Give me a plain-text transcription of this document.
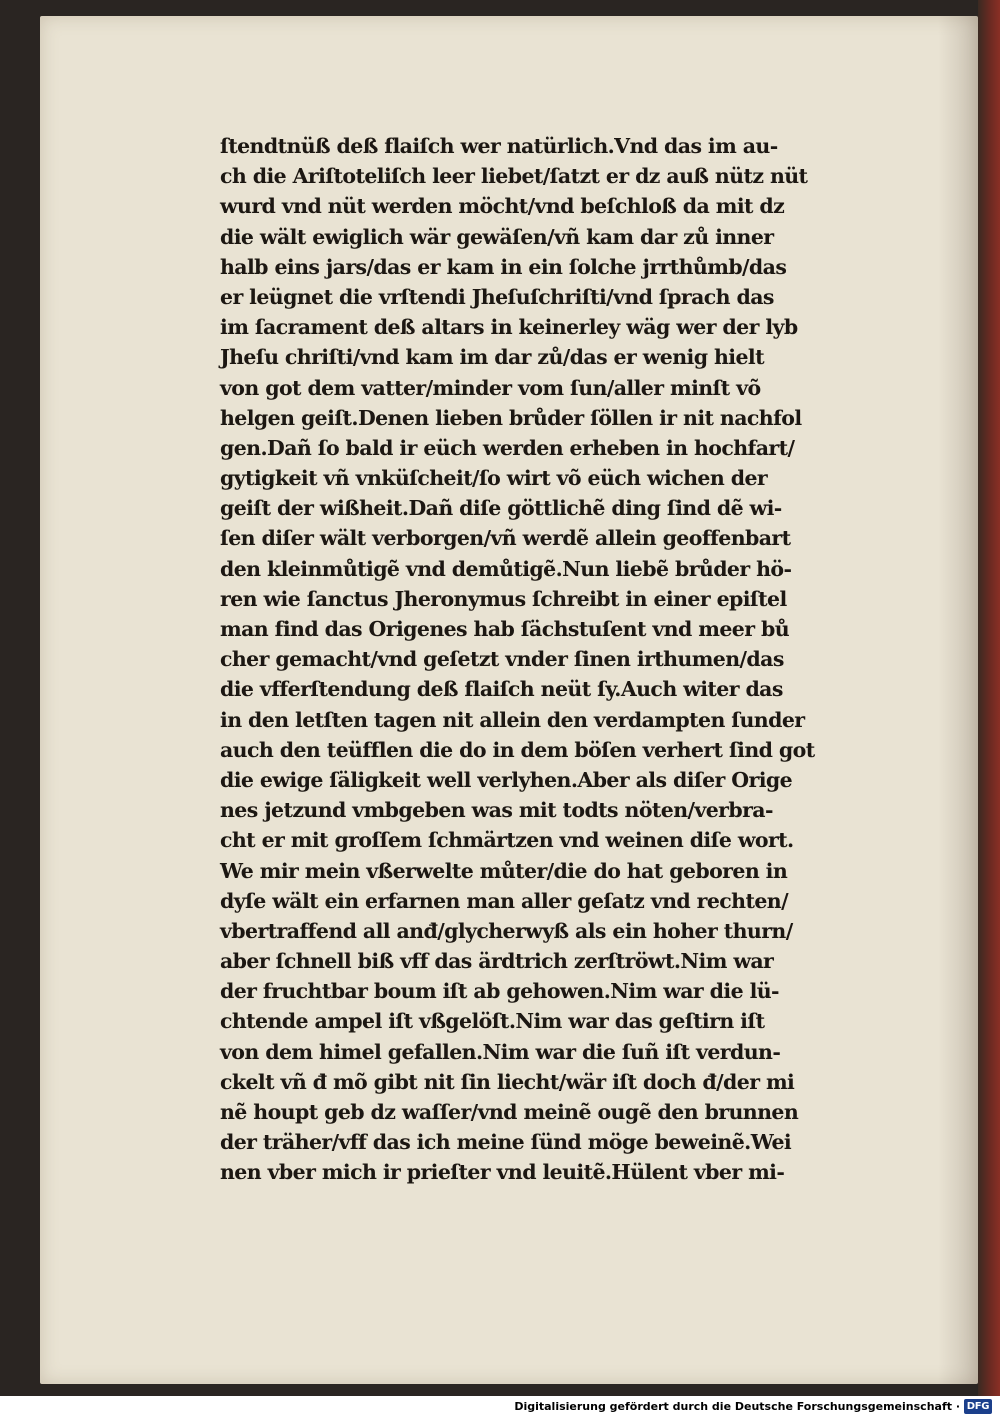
ſtendtnüß deß flaiſch wer natürlich.Vnd das im au-
ch die Ariſtoteliſch leer liebet/ſatzt er dz auß nütz nüt
wurd vnd nüt werden möcht/vnd beſchloß da mit dz
die wält ewiglich wär gewäſen/vñ kam dar zů inner
halb eins jars/das er kam in ein ſolche jrrthůmb/das
er leügnet die vrſtendi Jheſuſchriſti/vnd ſprach das
im ſacrament deß altars in keinerley wäg wer der lyb
Jheſu chriſti/vnd kam im dar zů/das er wenig hielt
von got dem vatter/minder vom ſun/aller minſt võ
helgen geiſt.Denen lieben brůder ſöllen ir nit nachfol
gen.Dañ ſo bald ir eüch werden erheben in hochfart/
gytigkeit vñ vnküſcheit/ſo wirt võ eüch wichen der
geiſt der wißheit.Dañ diſe göttlichẽ ding ſind dẽ wi-
ſen diſer wält verborgen/vñ werdẽ allein geoffenbart
den kleinmůtigẽ vnd demůtigẽ.Nun liebẽ brůder hö-
ren wie ſanctus Jheronymus ſchreibt in einer epiſtel
man find das Origenes hab ſächstuſent vnd meer bů
cher gemacht/vnd geſetzt vnder ſinen irthumen/das
die vfferſtendung deß flaiſch neüt ſy.Auch witer das
in den letſten tagen nit allein den verdampten ſunder
auch den teüfflen die do in dem böſen verhert ſind got
die ewige ſäligkeit well verlyhen.Aber als diſer Orige
nes jetzund vmbgeben was mit todts nöten/verbra-
cht er mit groſſem ſchmärtzen vnd weinen diſe wort.
We mir mein vßerwelte můter/die do hat geboren in
dyſe wält ein erfarnen man aller geſatz vnd rechten/
vbertraffend all anđ/glycherwyß als ein hoher thurn/
aber ſchnell biß vff das ärdtrich zerſtröwt.Nim war
der fruchtbar boum iſt ab gehowen.Nim war die lü-
chtende ampel iſt vßgelöſt.Nim war das geſtirn iſt
von dem himel gefallen.Nim war die ſuñ iſt verdun-
ckelt vñ đ mõ gibt nit ſin liecht/wär iſt doch đ/der mi
nẽ houpt geb dz waſſer/vnd meinẽ ougẽ den brunnen
der träher/vff das ich meine ſünd möge beweinẽ.Wei
nen vber mich ir prieſter vnd leuitẽ.Hülent vber mi-
Digitalisierung gefördert durch die Deutsche Forschungsgemeinschaft · DFG
